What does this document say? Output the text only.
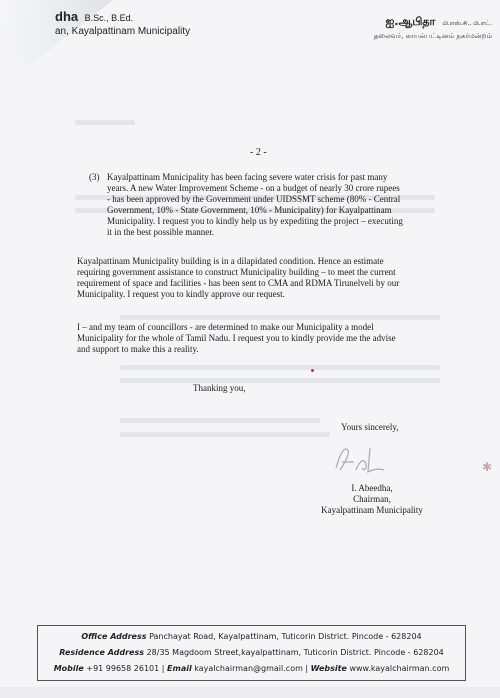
dha B.Sc., B.Ed.
an, Kayalpattinam Municipality
ஐ.ஆபிதா பி.எஸ்.சி., பி.எட்.
தலைவர், காயல்பட்டினம் நகர்மன்றம்
- 2 -
(3) Kayalpattinam Municipality has been facing severe water crisis for past many
years. A new Water Improvement Scheme - on a budget of nearly 30 crore rupees
- has been approved by the Government under UIDSSMT scheme (80% - Central
Government, 10% - State Government, 10% - Municipality) for Kayalpattinam
Municipality. I request you to kindly help us by expediting the project – executing
it in the best possible manner.
Kayalpattinam Municipality building is in a dilapidated condition. Hence an estimate
requiring government assistance to construct Municipality building – to meet the current
requirement of space and facilities - has been sent to CMA and RDMA Tirunelveli by our
Municipality. I request you to kindly approve our request.
I – and my team of councillors - are determined to make our Municipality a model
Municipality for the whole of Tamil Nadu. I request you to kindly provide me the advise
and support to make this a reality.
Thanking you,
Yours sincerely,
✱
I. Abeedha,
Chairman,
Kayalpattinam Municipality
Office Address Panchayat Road, Kayalpattinam, Tuticorin District. Pincode - 628204
Residence Address 28/35 Magdoom Street,kayalpattinam, Tuticorin District. Pincode - 628204
Mobile +91 99658 26101 | Email kayalchairman@gmail.com | Website www.kayalchairman.com
